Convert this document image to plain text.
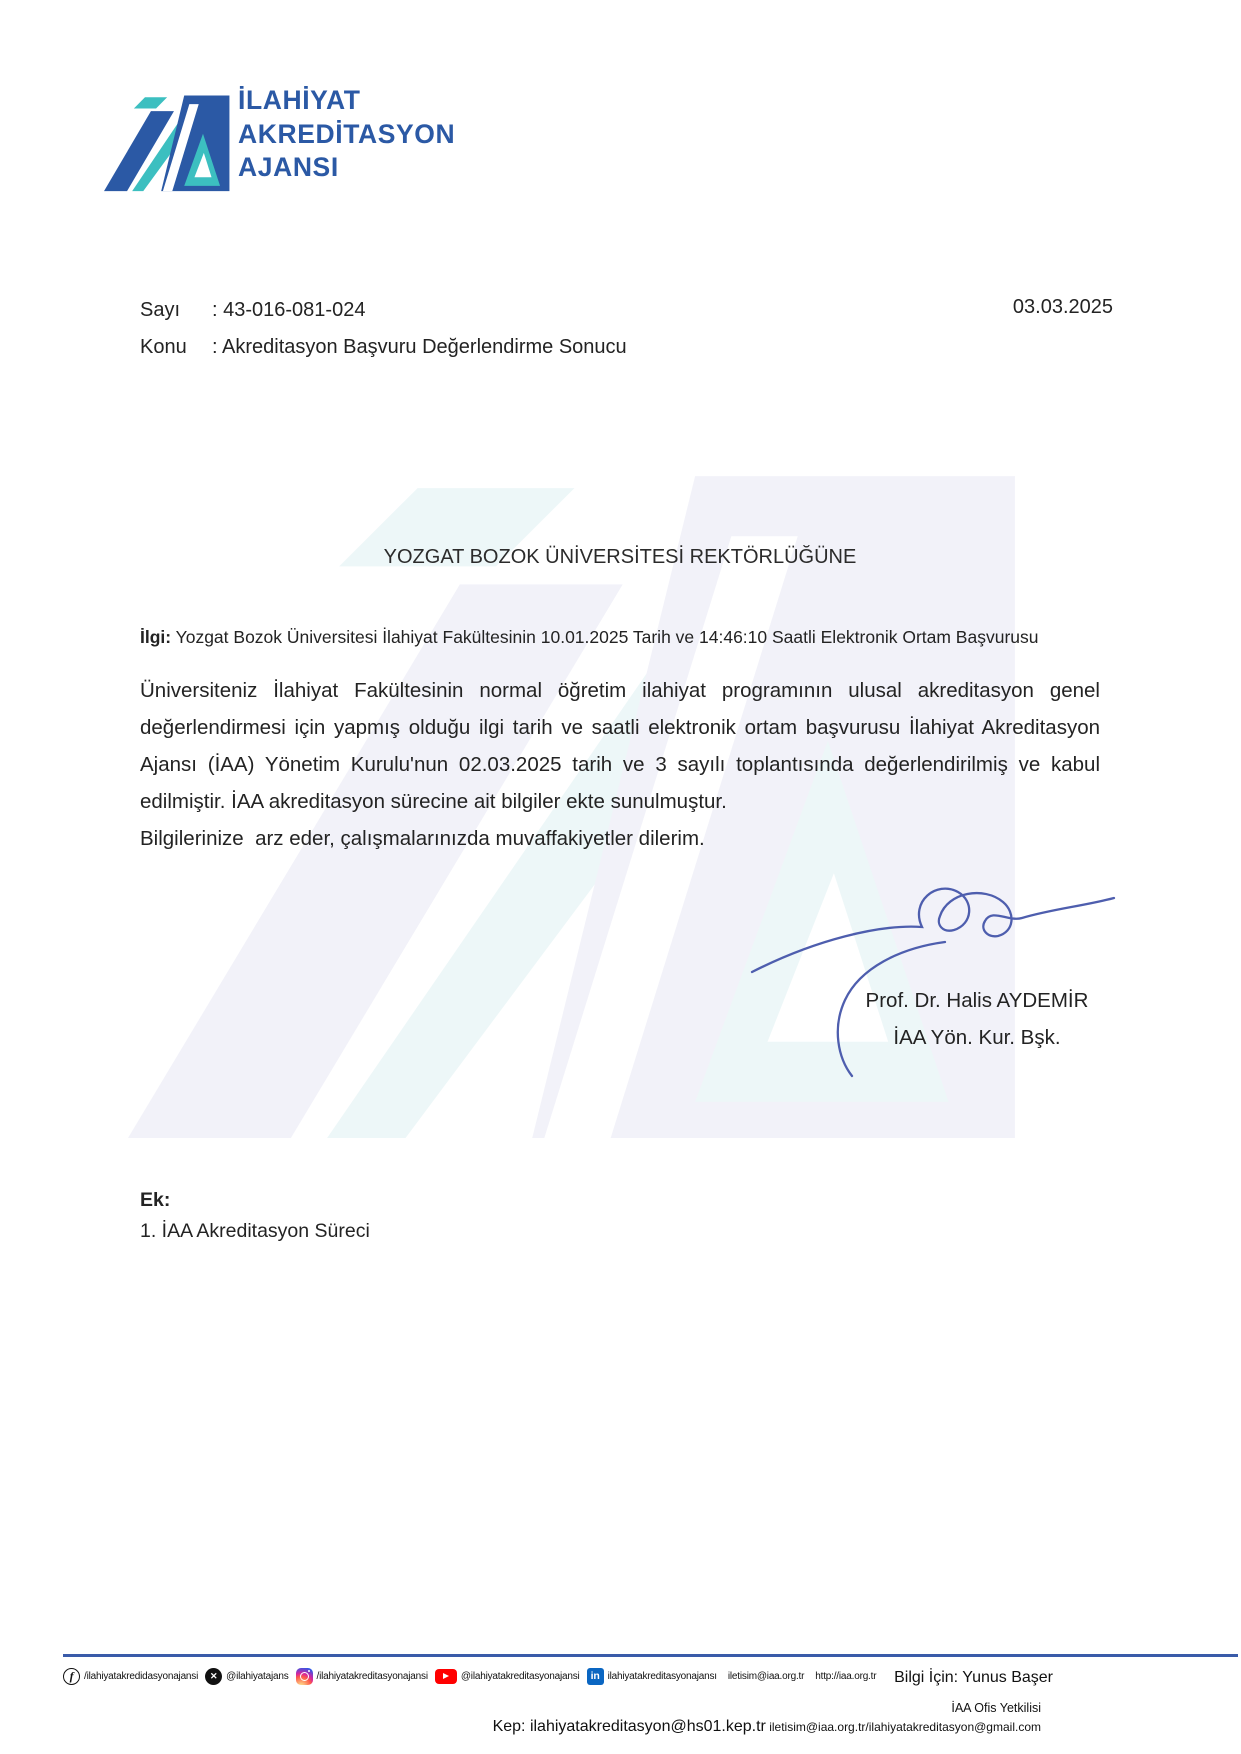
İLAHİYAT
AKREDİTASYON
AJANSI
Sayı	: 43-016-081-024
Konu	: Akreditasyon Başvuru Değerlendirme Sonucu
03.03.2025
YOZGAT BOZOK ÜNİVERSİTESİ REKTÖRLÜĞÜNE
İlgi: Yozgat Bozok Üniversitesi İlahiyat Fakültesinin 10.01.2025 Tarih ve 14:46:10 Saatli Elektronik Ortam Başvurusu
Üniversiteniz İlahiyat Fakültesinin normal öğretim ilahiyat programının ulusal akreditasyon genel değerlendirmesi için yapmış olduğu ilgi tarih ve saatli elektronik ortam başvurusu İlahiyat Akreditasyon Ajansı (İAA) Yönetim Kurulu'nun 02.03.2025 tarih ve 3 sayılı toplantısında değerlendirilmiş ve kabul edilmiştir. İAA akreditasyon sürecine ait bilgiler ekte sunulmuştur.
Bilgilerinize  arz eder, çalışmalarınızda muvaffakiyetler dilerim.
Prof. Dr. Halis AYDEMİR
İAA Yön. Kur. Bşk.
Ek:
1. İAA Akreditasyon Süreci
f	/ilahiyatakredidasyonajansi	✕ @ilahiyatajans	/ilahiyatakreditasyonajansi	@ilahiyatakreditasyonajansi	in ilahiyatakreditasyonajansı iletisim@iaa.org.tr http://iaa.org.tr Bilgi İçin: Yunus Başer
İAA Ofis Yetkilisi
Kep: ilahiyatakreditasyon@hs01.kep.tr iletisim@iaa.org.tr/ilahiyatakreditasyon@gmail.com
